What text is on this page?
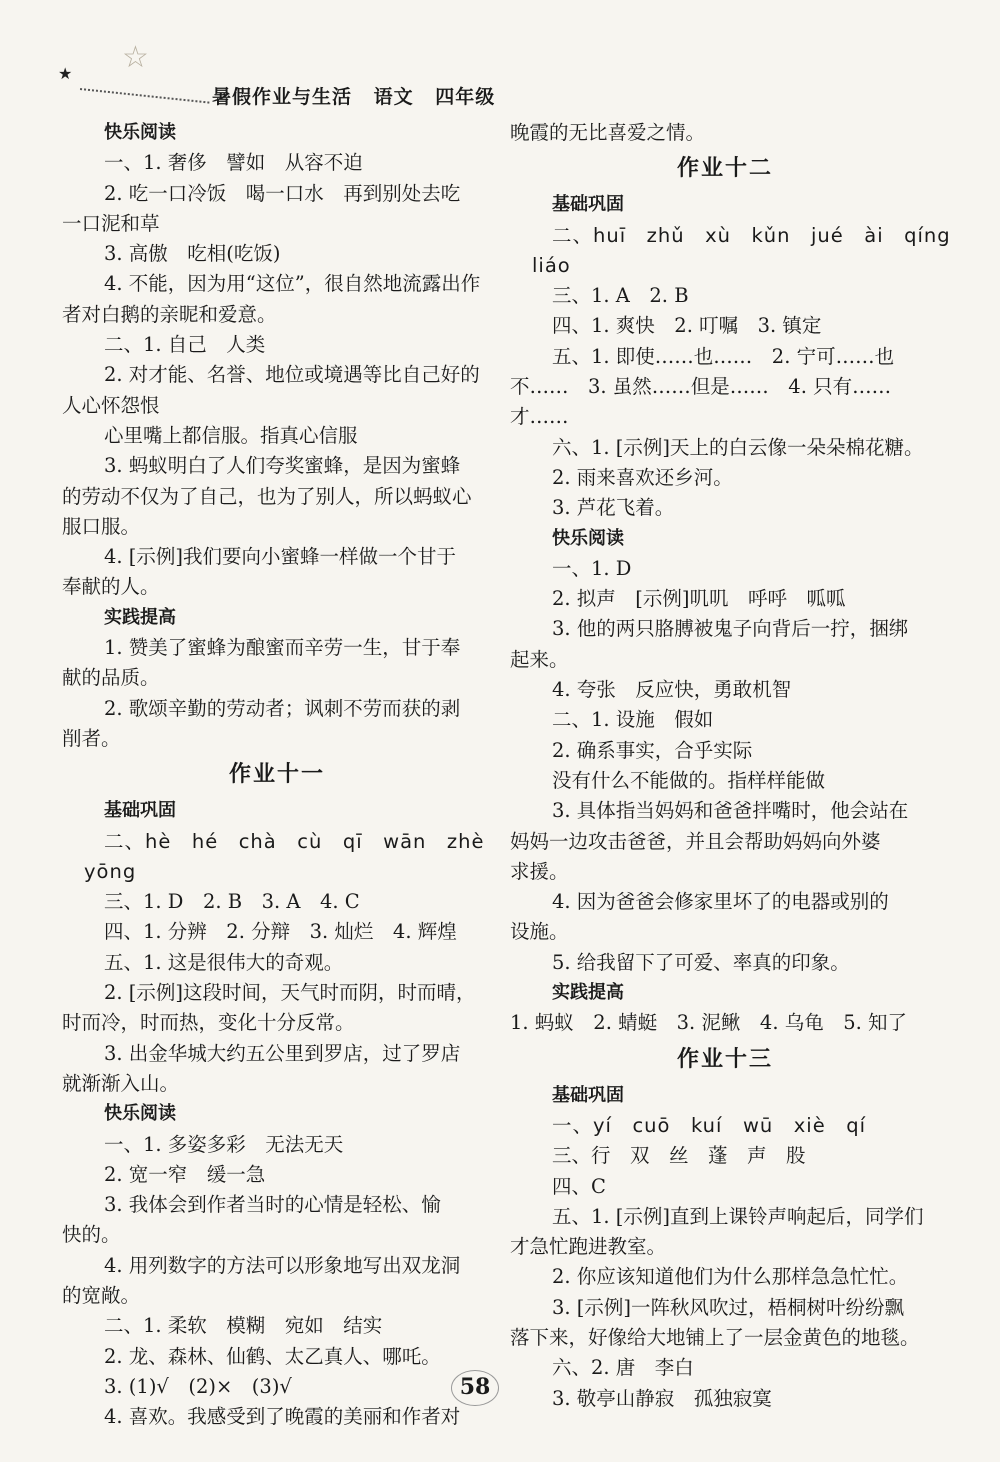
☆
★
暑假作业与生活 语文 四年级
快乐阅读
一、1. 奢侈　譬如　从容不迫
2. 吃一口冷饭　喝一口水　再到别处去吃
一口泥和草
3. 高傲　吃相(吃饭)
4. 不能，因为用“这位”，很自然地流露出作
者对白鹅的亲昵和爱意。
二、1. 自己　人类
2. 对才能、名誉、地位或境遇等比自己好的
人心怀怨恨
心里嘴上都信服。指真心信服
3. 蚂蚁明白了人们夸奖蜜蜂，是因为蜜蜂
的劳动不仅为了自己，也为了别人，所以蚂蚁心
服口服。
4. [示例]我们要向小蜜蜂一样做一个甘于
奉献的人。
实践提高
1. 赞美了蜜蜂为酿蜜而辛劳一生，甘于奉
献的品质。
2. 歌颂辛勤的劳动者；讽刺不劳而获的剥
削者。
作业十一
基础巩固
二、hè　hé　chà　cù　qī　wān　zhè
yōng
三、1. D　2. B　3. A　4. C
四、1. 分辨　2. 分辩　3. 灿烂　4. 辉煌
五、1. 这是很伟大的奇观。
2. [示例]这段时间，天气时而阴，时而晴，
时而冷，时而热，变化十分反常。
3. 出金华城大约五公里到罗店，过了罗店
就渐渐入山。
快乐阅读
一、1. 多姿多彩　无法无天
2. 宽一窄　缓一急
3. 我体会到作者当时的心情是轻松、愉
快的。
4. 用列数字的方法可以形象地写出双龙洞
的宽敞。
二、1. 柔软　模糊　宛如　结实
2. 龙、森林、仙鹤、太乙真人、哪吒。
3. (1)√　(2)×　(3)√
4. 喜欢。我感受到了晚霞的美丽和作者对
晚霞的无比喜爱之情。
作业十二
基础巩固
二、huī　zhǔ　xù　kǔn　jué　ài　qíng
liáo
三、1. A　2. B
四、1. 爽快　2. 叮嘱　3. 镇定
五、1. 即使……也……　2. 宁可……也
不……　3. 虽然……但是……　4. 只有……
才……
六、1. [示例]天上的白云像一朵朵棉花糖。
2. 雨来喜欢还乡河。
3. 芦花飞着。
快乐阅读
一、1. D
2. 拟声　[示例]叽叽　呼呼　呱呱
3. 他的两只胳膊被鬼子向背后一拧，捆绑
起来。
4. 夸张　反应快，勇敢机智
二、1. 设施　假如
2. 确系事实，合乎实际
没有什么不能做的。指样样能做
3. 具体指当妈妈和爸爸拌嘴时，他会站在
妈妈一边攻击爸爸，并且会帮助妈妈向外婆
求援。
4. 因为爸爸会修家里坏了的电器或别的
设施。
5. 给我留下了可爱、率真的印象。
实践提高
1. 蚂蚁　2. 蜻蜓　3. 泥鳅　4. 乌龟　5. 知了
作业十三
基础巩固
一、yí　cuō　kuí　wū　xiè　qí
三、行　双　丝　蓬　声　股
四、C
五、1. [示例]直到上课铃声响起后，同学们
才急忙跑进教室。
2. 你应该知道他们为什么那样急急忙忙。
3. [示例]一阵秋风吹过，梧桐树叶纷纷飘
落下来，好像给大地铺上了一层金黄色的地毯。
六、2. 唐　李白
3. 敬亭山静寂　孤独寂寞
58
